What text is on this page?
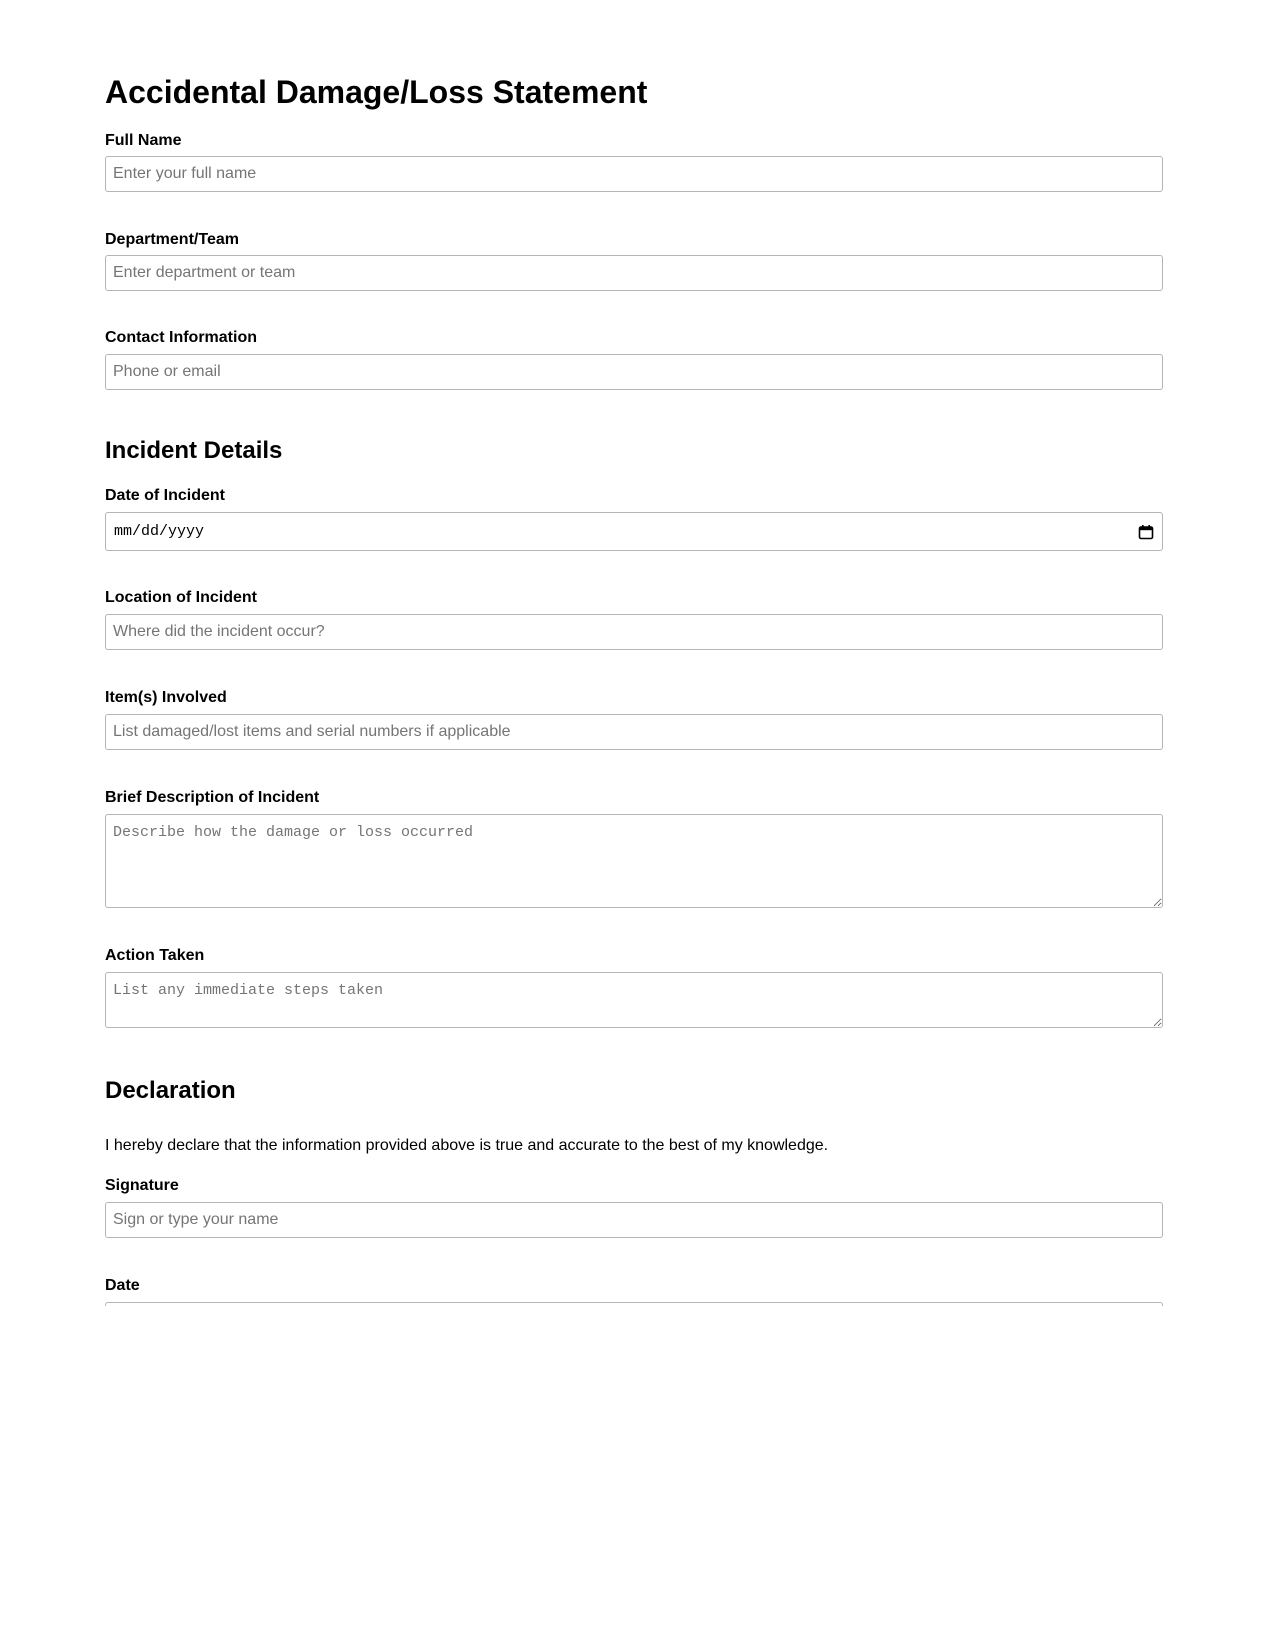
Accidental Damage/Loss Statement
Full Name
Enter your full name
Department/Team
Enter department or team
Contact Information
Phone or email
Incident Details
Date of Incident
mm/dd/yyyy
Location of Incident
Where did the incident occur?
Item(s) Involved
List damaged/lost items and serial numbers if applicable
Brief Description of Incident
Describe how the damage or loss occurred
Action Taken
List any immediate steps taken
Declaration

I hereby declare that the information provided above is true and accurate to the best of my knowledge.

Signature
Sign or type your name
Date
